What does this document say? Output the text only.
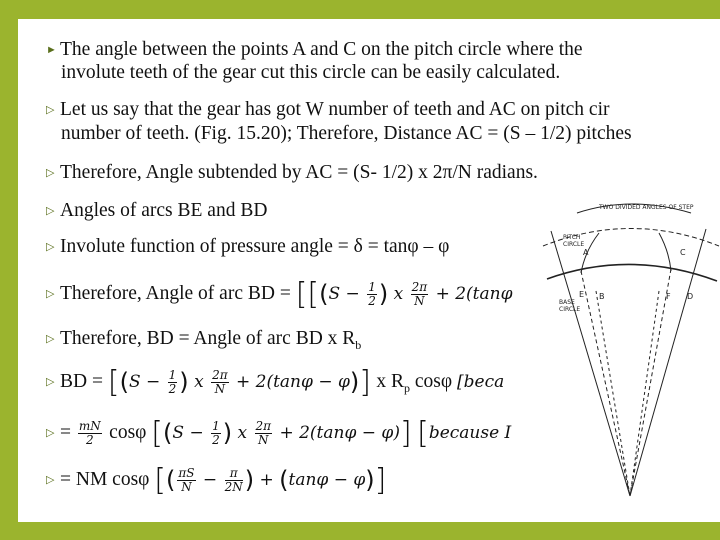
► The angle between the points A and C on the pitch circle where the
involute teeth of the gear cut this circle can be easily calculated.
▷ Let us say that the gear has got W number of teeth and AC on pitch cir
number of teeth. (Fig. 15.20); Therefore, Distance AC = (S – 1/2) pitches
▷ Therefore, Angle subtended by AC = (S- 1/2) x 2π/N radians.
▷ Angles of arcs BE and BD
▷ Involute function of pressure angle = δ = tanφ – φ
▷ Therefore, Angle of arc BD = [[($S - \frac{1}{2}$ ) x $\frac{2\pi}{N} + 2(\tan\varphi$
▷ Therefore, BD = Angle of arc BD x $R_b$
▷ BD = [($S - \frac{1}{2}$ ) x $\frac{2\pi}{N} + 2(\tan\varphi - \varphi)$] x $R_p$ cosφ [beca
▷ = $\frac{mN}{2}$ cosφ [($S - \frac{1}{2}$ ) x $\frac{2\pi}{N} + 2(\tan\varphi - \varphi)$] [because I
▷ = NM cosφ [( $\frac{\pi S}{N} - \frac{\pi}{2N}$ ) + (tanφ − φ)]
TWO DIVIDED ANGLES OF STEP
PITCH
CIRCLE
BASE
CIRCLE
A	C
B
E	F D
